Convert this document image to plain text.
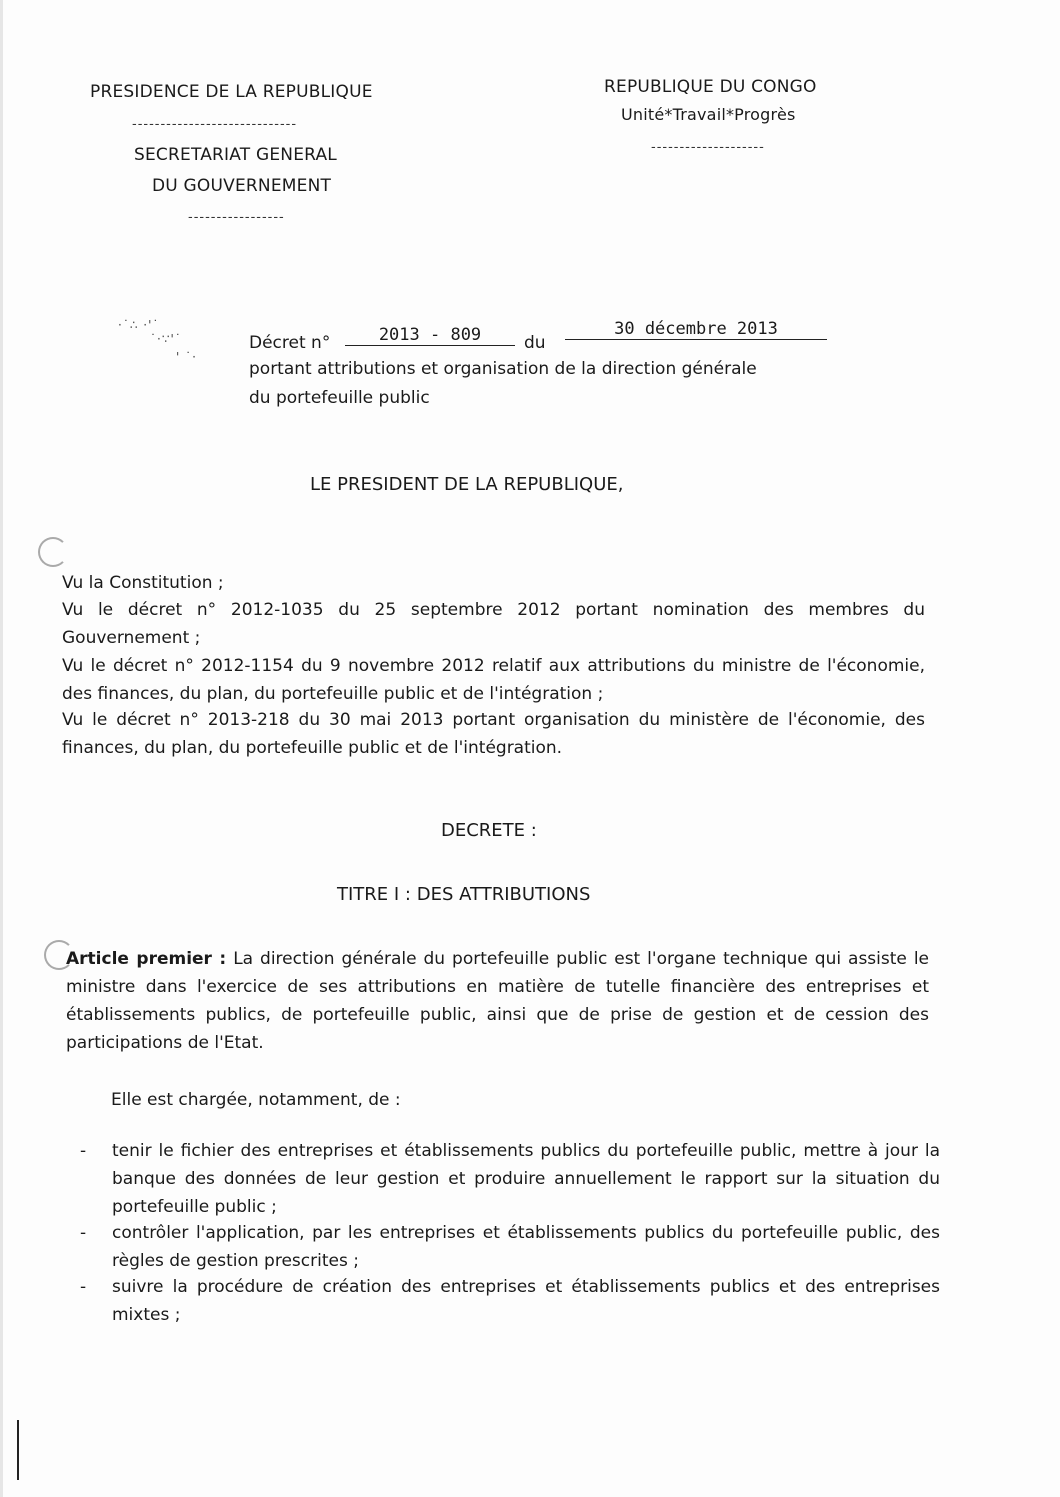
PRESIDENCE DE LA REPUBLIQUE
-----------------------------
SECRETARIAT GENERAL
DU GOUVERNEMENT
-----------------
REPUBLIQUE DU CONGO
Unité*Travail*Progrès
--------------------
·˙∴ ·'˙
˙·∵'˙
' ˙·
Décret n°	2013 - 809	du
30 décembre 2013
portant attributions et organisation de la direction générale
du portefeuille public
LE PRESIDENT DE LA REPUBLIQUE,
Vu la Constitution ;
Vu le décret n° 2012-1035 du 25 septembre 2012 portant nomination des membres du Gouvernement ;
Vu le décret n° 2012-1154 du 9 novembre 2012 relatif aux attributions du ministre de l'économie, des finances, du plan, du portefeuille public et de l'intégration ;
Vu le décret n° 2013-218 du 30 mai 2013 portant organisation du ministère de l'économie, des finances, du plan, du portefeuille public et de l'intégration.
DECRETE :
TITRE I : DES ATTRIBUTIONS
Article premier : La direction générale du portefeuille public est l'organe technique qui assiste le ministre dans l'exercice de ses attributions en matière de tutelle financière des entreprises et établissements publics, de portefeuille public, ainsi que de prise de gestion et de cession des participations de l'Etat.
Elle est chargée, notamment, de :
- tenir le fichier des entreprises et établissements publics du portefeuille public, mettre à jour la banque des données de leur gestion et produire annuellement le rapport sur la situation du portefeuille public ;
- contrôler l'application, par les entreprises et établissements publics du portefeuille public, des règles de gestion prescrites ;
- suivre la procédure de création des entreprises et établissements publics et des entreprises mixtes ;
